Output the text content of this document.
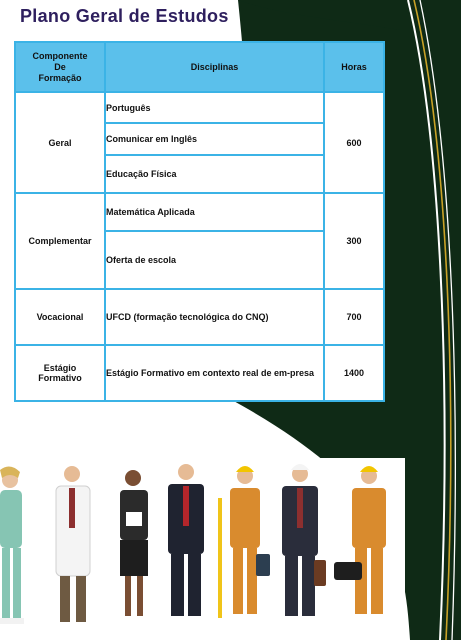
Plano Geral de Estudos
Componente
De
Formação	Disciplinas	Horas
Geral	Português	600
	Comunicar em Inglês	
	Educação Física	
Complementar	Matemática Aplicada	300
	Oferta de escola	
Vocacional	UFCD (formação tecnológica do CNQ)	700
Estágio
Formativo	Estágio Formativo em contexto real de em-presa	1400
